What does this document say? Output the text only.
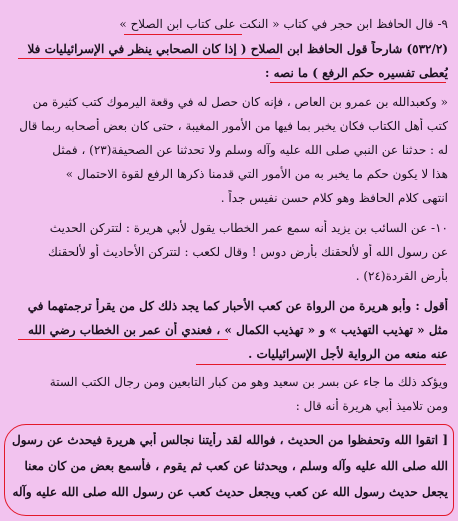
٩- قال الحافظ ابن حجر في كتاب « النكت على كتاب ابن الصلاح »
(٥٣٢/٢) شارحاً قول الحافظ ابن الصلاح ( إذا كان الصحابي ينظر في الإسرائيليات فلا
يُعطى تفسيره حكم الرفع ) ما نصه :
« وكعبدالله بن عمرو بن العاص ، فإنه كان حصل له في وقعة اليرموك كتب كثيرة من
كتب أهل الكتاب فكان يخبر بما فيها من الأمور المغيبة ، حتى كان بعض أصحابه ربما قال
له : حدثنا عن النبي صلى الله عليه وآله وسلم ولا تحدثنا عن الصحيفة(٢٣) ، فمثل
هذا لا يكون حكم ما يخبر به من الأمور التي قدمنا ذكرها الرفع لقوة الاحتمال »
انتهى كلام الحافظ وهو كلام حسن نفيس جداً .
١٠- عن السائب بن يزيد أنه سمع عمر الخطاب يقول لأبي هريرة : لتتركن الحديث
عن رسول الله أو لألحقنك بأرض دوس ! وقال لكعب : لتتركن الأحاديث أو لألحقنك
بأرض القردة(٢٤) .
أقول : وأبو هريرة من الرواة عن كعب الأحبار كما يجد ذلك كل من يقرأ ترجمتهما في
مثل « تهذيب التهذيب » و « تهذيب الكمال » ، فعندي أن عمر بن الخطاب رضي الله
عنه منعه من الرواية لأجل الإسرائيليات .
ويؤكد ذلك ما جاء عن بسر بن سعيد وهو من كبار التابعين ومن رجال الكتب الستة
ومن تلاميذ أبي هريرة أنه قال :
[ اتقوا الله وتحفظوا من الحديث ، فوالله لقد رأيتنا نجالس أبي هريرة فيحدث عن رسول
الله صلى الله عليه وآله وسلم ، ويحدثنا عن كعب ثم يقوم ، فأسمع بعض من كان معنا
يجعل حديث رسول الله عن كعب ويجعل حديث كعب عن رسول الله صلى الله عليه وآله
